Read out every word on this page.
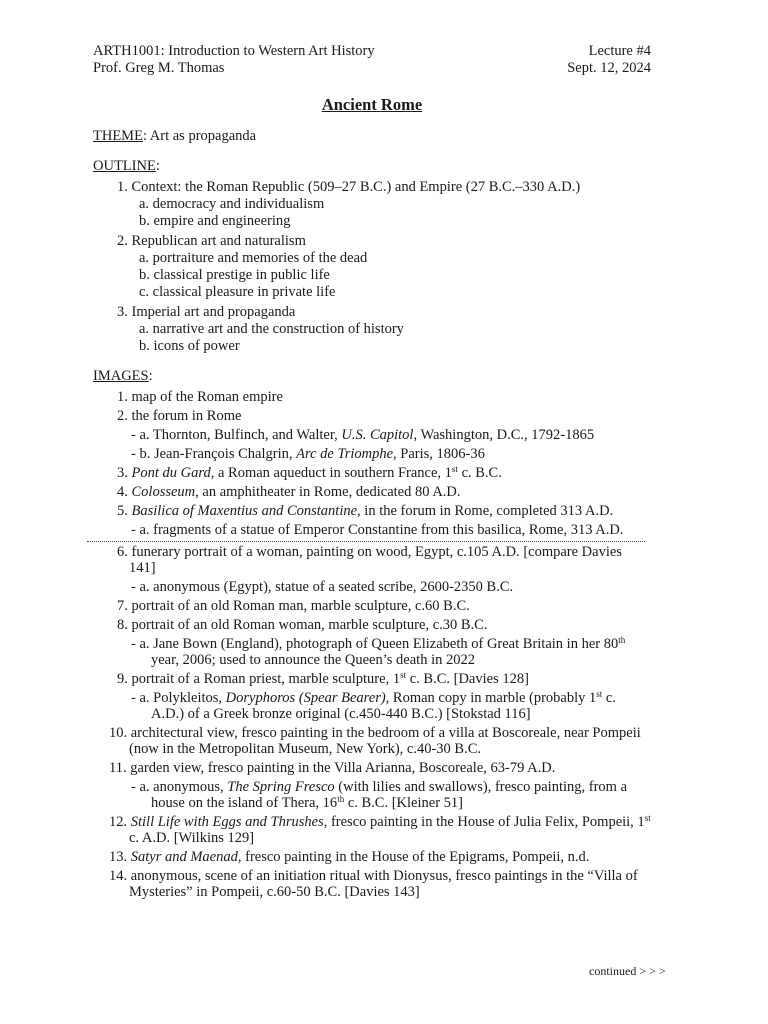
ARTH1001: Introduction to Western Art History	Lecture #4
Prof. Greg M. Thomas	Sept. 12, 2024
Ancient Rome
THEME: Art as propaganda
OUTLINE:
1. Context: the Roman Republic (509–27 B.C.) and Empire (27 B.C.–330 A.D.)
a. democracy and individualism
b. empire and engineering
2. Republican art and naturalism
a. portraiture and memories of the dead
b. classical prestige in public life
c. classical pleasure in private life
3. Imperial art and propaganda
a. narrative art and the construction of history
b. icons of power
IMAGES:
1. map of the Roman empire
2. the forum in Rome
- a. Thornton, Bulfinch, and Walter, U.S. Capitol, Washington, D.C., 1792-1865
- b. Jean-François Chalgrin, Arc de Triomphe, Paris, 1806-36
3. Pont du Gard, a Roman aqueduct in southern France, 1st c. B.C.
4. Colosseum, an amphitheater in Rome, dedicated 80 A.D.
5. Basilica of Maxentius and Constantine, in the forum in Rome, completed 313 A.D.
- a. fragments of a statue of Emperor Constantine from this basilica, Rome, 313 A.D.
6. funerary portrait of a woman, painting on wood, Egypt, c.105 A.D. [compare Davies 141]
- a. anonymous (Egypt), statue of a seated scribe, 2600-2350 B.C.
7. portrait of an old Roman man, marble sculpture, c.60 B.C.
8. portrait of an old Roman woman, marble sculpture, c.30 B.C.
- a. Jane Bown (England), photograph of Queen Elizabeth of Great Britain in her 80th year, 2006; used to announce the Queen’s death in 2022
9. portrait of a Roman priest, marble sculpture, 1st c. B.C. [Davies 128]
- a. Polykleitos, Doryphoros (Spear Bearer), Roman copy in marble (probably 1st c. A.D.) of a Greek bronze original (c.450-440 B.C.) [Stokstad 116]
10. architectural view, fresco painting in the bedroom of a villa at Boscoreale, near Pompeii (now in the Metropolitan Museum, New York), c.40-30 B.C.
11. garden view, fresco painting in the Villa Arianna, Boscoreale, 63-79 A.D.
- a. anonymous, The Spring Fresco (with lilies and swallows), fresco painting, from a house on the island of Thera, 16th c. B.C. [Kleiner 51]
12. Still Life with Eggs and Thrushes, fresco painting in the House of Julia Felix, Pompeii, 1st c. A.D. [Wilkins 129]
13. Satyr and Maenad, fresco painting in the House of the Epigrams, Pompeii, n.d.
14. anonymous, scene of an initiation ritual with Dionysus, fresco paintings in the “Villa of Mysteries” in Pompeii, c.60-50 B.C. [Davies 143]
continued > > >
